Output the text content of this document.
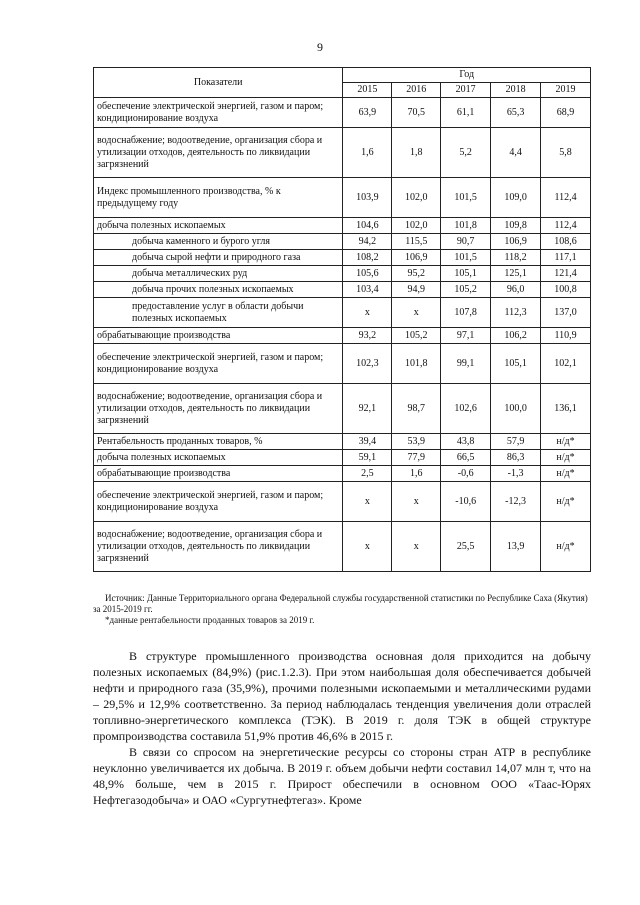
9
Показатели	Год				
	2015	2016	2017	2018	2019
обеспечение электрической энергией, газом и паром; кондиционирование воздуха	63,9	70,5	61,1	65,3	68,9
водоснабжение; водоотведение, организация сбора и утилизации отходов, деятельность по ликвидации загрязнений	1,6	1,8	5,2	4,4	5,8
Индекс промышленного производства, % к предыдущему году	103,9	102,0	101,5	109,0	112,4
добыча полезных ископаемых	104,6	102,0	101,8	109,8	112,4
добыча каменного и бурого угля	94,2	115,5	90,7	106,9	108,6
добыча сырой нефти и природного газа	108,2	106,9	101,5	118,2	117,1
добыча металлических руд	105,6	95,2	105,1	125,1	121,4
добыча прочих полезных ископаемых	103,4	94,9	105,2	96,0	100,8
предоставление услуг в области добычи полезных ископаемых	х	х	107,8	112,3	137,0
обрабатывающие производства	93,2	105,2	97,1	106,2	110,9
обеспечение электрической энергией, газом и паром; кондиционирование воздуха	102,3	101,8	99,1	105,1	102,1
водоснабжение; водоотведение, организация сбора и утилизации отходов, деятельность по ликвидации загрязнений	92,1	98,7	102,6	100,0	136,1
Рентабельность проданных товаров, %	39,4	53,9	43,8	57,9	н/д*
добыча полезных ископаемых	59,1	77,9	66,5	86,3	н/д*
обрабатывающие производства	2,5	1,6	-0,6	-1,3	н/д*
обеспечение электрической энергией, газом и паром; кондиционирование воздуха	х	х	-10,6	-12,3	н/д*
водоснабжение; водоотведение, организация сбора и утилизации отходов, деятельность по ликвидации загрязнений	х	х	25,5	13,9	н/д*
Источник: Данные Территориального органа Федеральной службы государственной статистики по Республике Саха (Якутия) за 2015-2019 гг.
*данные рентабельности проданных товаров за 2019 г.

В структуре промышленного производства основная доля приходится на добычу полезных ископаемых (84,9%) (рис.1.2.3). При этом наибольшая доля обеспечивается добычей нефти и природного газа (35,9%), прочими полезными ископаемыми и металлическими рудами – 29,5% и 12,9% соответственно. За период наблюдалась тенденция увеличения доли отраслей топливно-энергетического комплекса (ТЭК). В 2019 г. доля ТЭК в общей структуре промпроизводства составила 51,9% против 46,6% в 2015 г.

В связи со спросом на энергетические ресурсы со стороны стран АТР в республике неуклонно увеличивается их добыча. В 2019 г. объем добычи нефти составил 14,07 млн т, что на 48,9% больше, чем в 2015 г. Прирост обеспечили в основном ООО «Таас-Юрях Нефтегазодобыча» и ОАО «Сургутнефтегаз». Кроме
